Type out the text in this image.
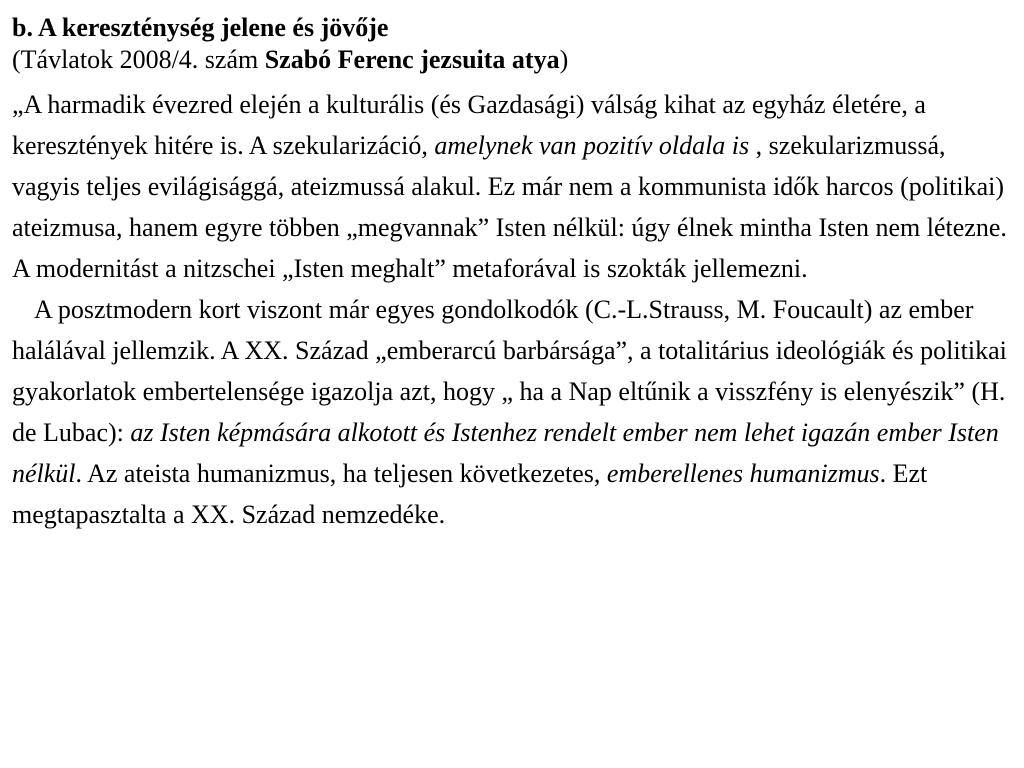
b. A kereszténység jelene és jövője

(Távlatok 2008/4. szám Szabó Ferenc jezsuita atya)

„A harmadik évezred elején a kulturális (és Gazdasági) válság kihat az egyház életére, a keresztények hitére is. A szekularizáció, amelynek van pozitív oldala is , szekularizmussá, vagyis teljes evilágisággá, ateizmussá alakul. Ez már nem a kommunista idők harcos (politikai) ateizmusa, hanem egyre többen „megvannak” Isten nélkül: úgy élnek mintha Isten nem létezne. A modernitást a nitzschei „Isten meghalt” metaforával is szokták jellemezni.
A posztmodern kort viszont már egyes gondolkodók (C.-L.Strauss, M. Foucault) az ember halálával jellemzik. A XX. Század „emberarcú barbársága”, a totalitárius ideológiák és politikai gyakorlatok embertelensége igazolja azt, hogy „ ha a Nap eltűnik a visszfény is elenyészik” (H. de Lubac): az Isten képmására alkotott és Istenhez rendelt ember nem lehet igazán ember Isten nélkül. Az ateista humanizmus, ha teljesen következetes, emberellenes humanizmus. Ezt megtapasztalta a XX. Század nemzedéke.
